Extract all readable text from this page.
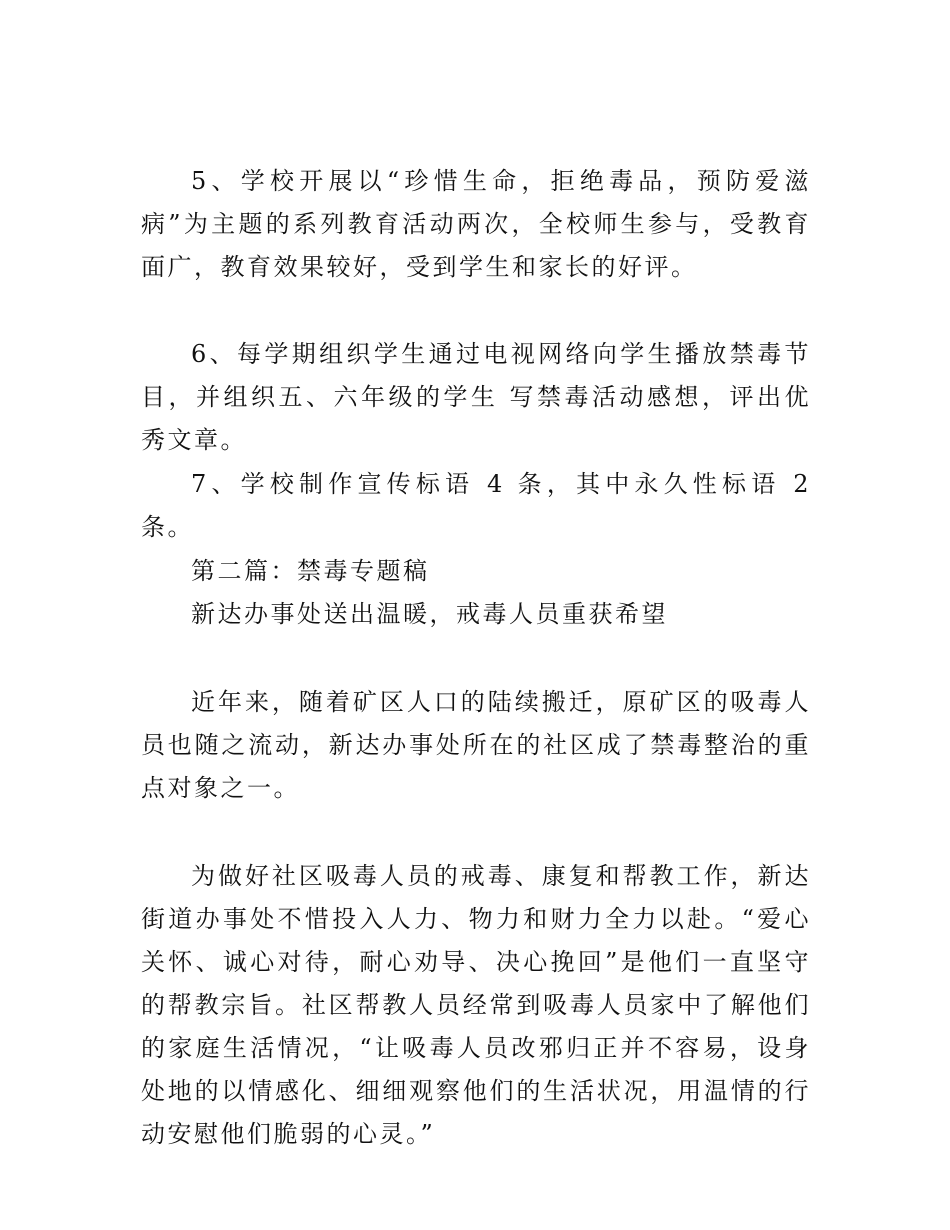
5、学校开展以“珍惜生命，拒绝毒品，预防爱滋病”为主题的系列教育活动两次，全校师生参与，受教育面广，教育效果较好，受到学生和家长的好评。

6、每学期组织学生通过电视网络向学生播放禁毒节目，并组织五、六年级的学生 写禁毒活动感想，评出优秀文章。

7、学校制作宣传标语 4 条，其中永久性标语 2 条。

第二篇：禁毒专题稿

新达办事处送出温暖，戒毒人员重获希望

近年来，随着矿区人口的陆续搬迁，原矿区的吸毒人员也随之流动，新达办事处所在的社区成了禁毒整治的重点对象之一。

为做好社区吸毒人员的戒毒、康复和帮教工作，新达街道办事处不惜投入人力、物力和财力全力以赴。“爱心关怀、诚心对待，耐心劝导、决心挽回”是他们一直坚守的帮教宗旨。社区帮教人员经常到吸毒人员家中了解他们的家庭生活情况，“让吸毒人员改邪归正并不容易，设身处地的以情感化、细细观察他们的生活状况，用温情的行动安慰他们脆弱的心灵。”
